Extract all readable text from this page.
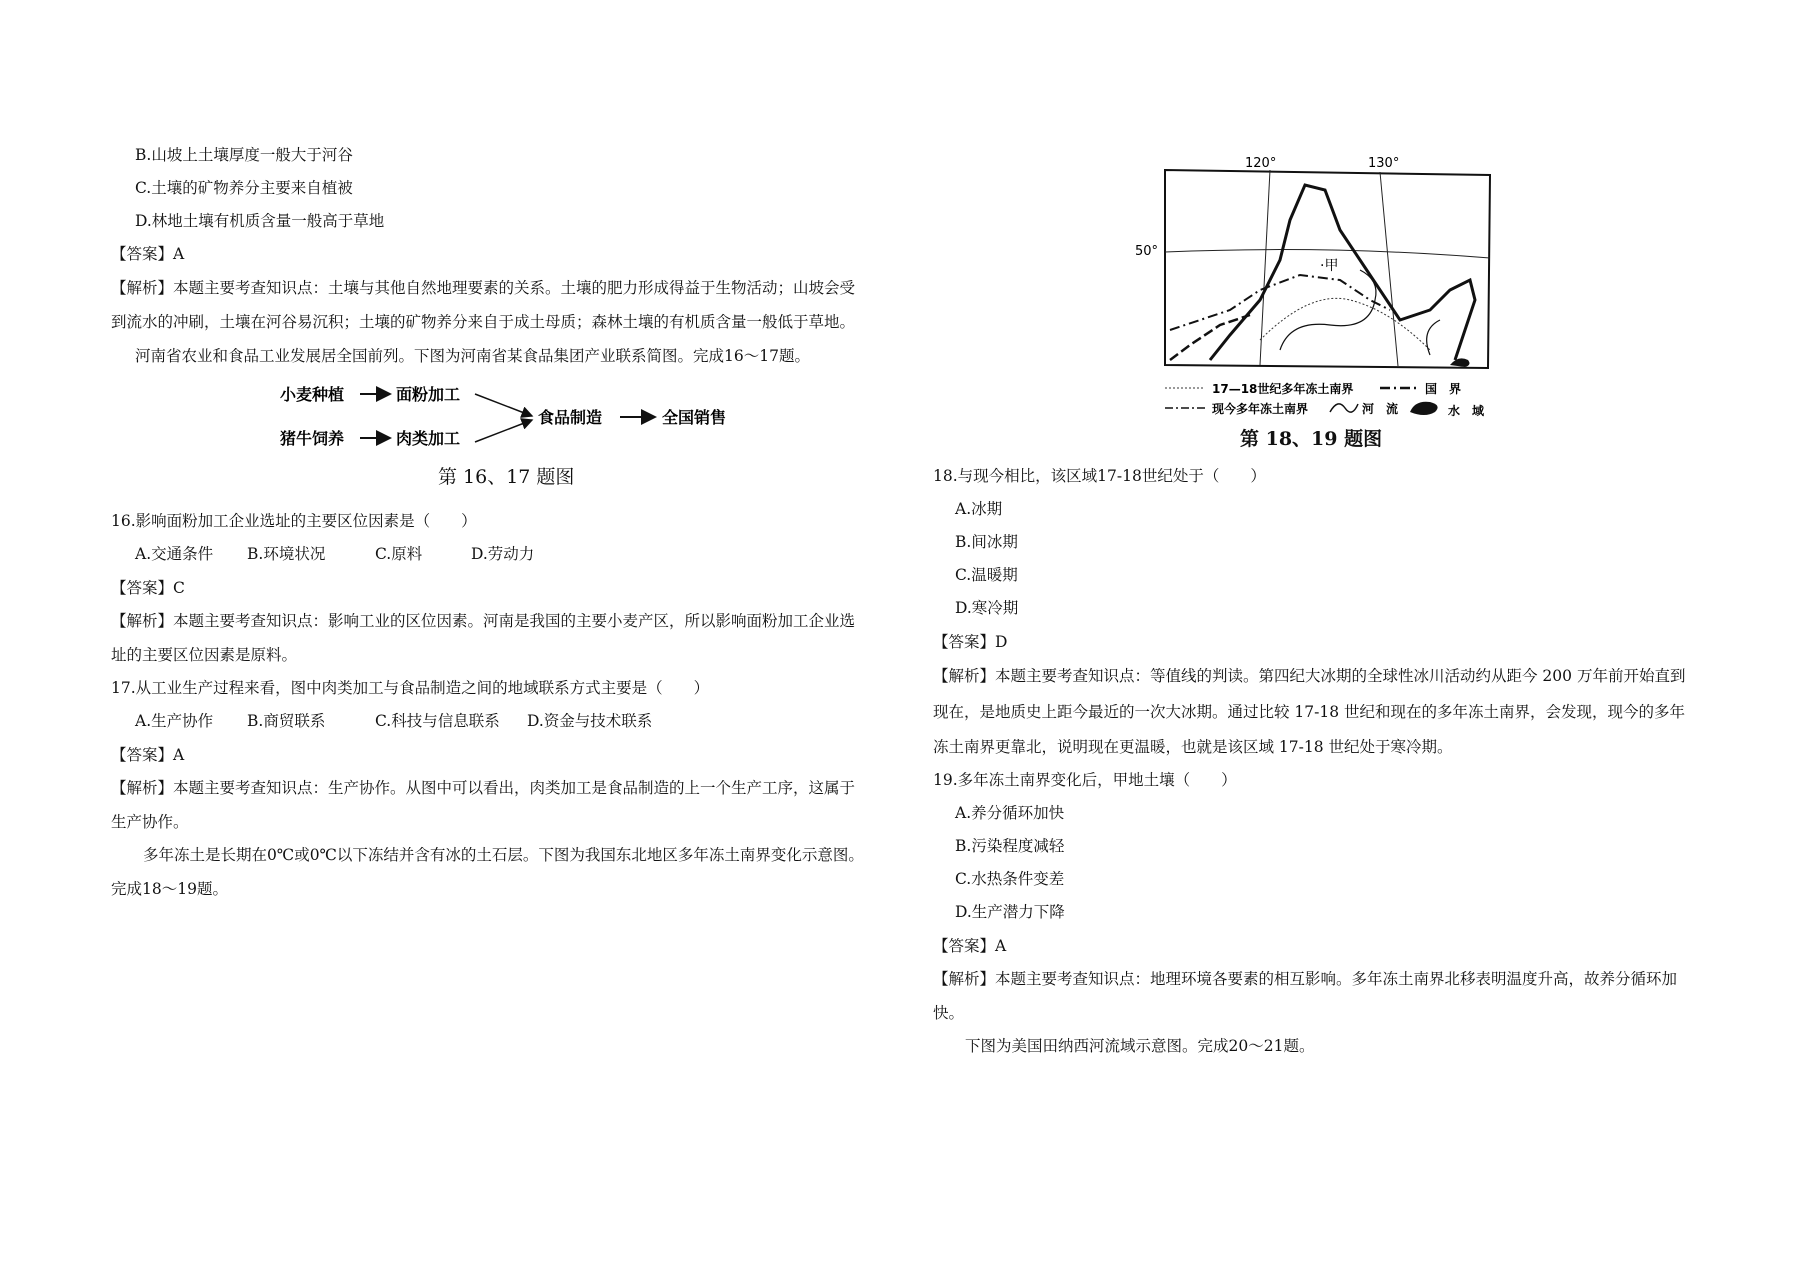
B.山坡上土壤厚度一般大于河谷
C.土壤的矿物养分主要来自植被
D.林地土壤有机质含量一般高于草地
【答案】A
【解析】本题主要考查知识点：土壤与其他自然地理要素的关系。土壤的肥力形成得益于生物活动；山坡会受
到流水的冲刷，土壤在河谷易沉积；土壤的矿物养分来自于成土母质；森林土壤的有机质含量一般低于草地。
河南省农业和食品工业发展居全国前列。下图为河南省某食品集团产业联系简图。完成16～17题。
小麦种植	面粉加工
猪牛饲养	肉类加工
食品制造	全国销售
第 16、17 题图
16.影响面粉加工企业选址的主要区位因素是（　　）
A.交通条件 B.环境状况	C.原料	D.劳动力
【答案】C
【解析】本题主要考查知识点：影响工业的区位因素。河南是我国的主要小麦产区，所以影响面粉加工企业选
址的主要区位因素是原料。
17.从工业生产过程来看，图中肉类加工与食品制造之间的地域联系方式主要是（　　）
A.生产协作 B.商贸联系	C.科技与信息联系 D.资金与技术联系
【答案】A
【解析】本题主要考查知识点：生产协作。从图中可以看出，肉类加工是食品制造的上一个生产工序，这属于
生产协作。
多年冻土是长期在0℃或0℃以下冻结并含有冰的土石层。下图为我国东北地区多年冻土南界变化示意图。
完成18～19题。
120°	130°
50°
·甲
17—18世纪多年冻土南界	国　界
现今多年冻土南界	河　流	水　域
第 18、19 题图
18.与现今相比，该区域17-18世纪处于（　　）
A.冰期
B.间冰期
C.温暖期
D.寒冷期
【答案】D
【解析】本题主要考查知识点：等值线的判读。第四纪大冰期的全球性冰川活动约从距今 200 万年前开始直到
现在，是地质史上距今最近的一次大冰期。通过比较 17-18 世纪和现在的多年冻土南界，会发现，现今的多年
冻土南界更靠北，说明现在更温暖，也就是该区域 17-18 世纪处于寒冷期。
19.多年冻土南界变化后，甲地土壤（　　）
A.养分循环加快
B.污染程度减轻
C.水热条件变差
D.生产潜力下降
【答案】A
【解析】本题主要考查知识点：地理环境各要素的相互影响。多年冻土南界北移表明温度升高，故养分循环加
快。
下图为美国田纳西河流域示意图。完成20～21题。
